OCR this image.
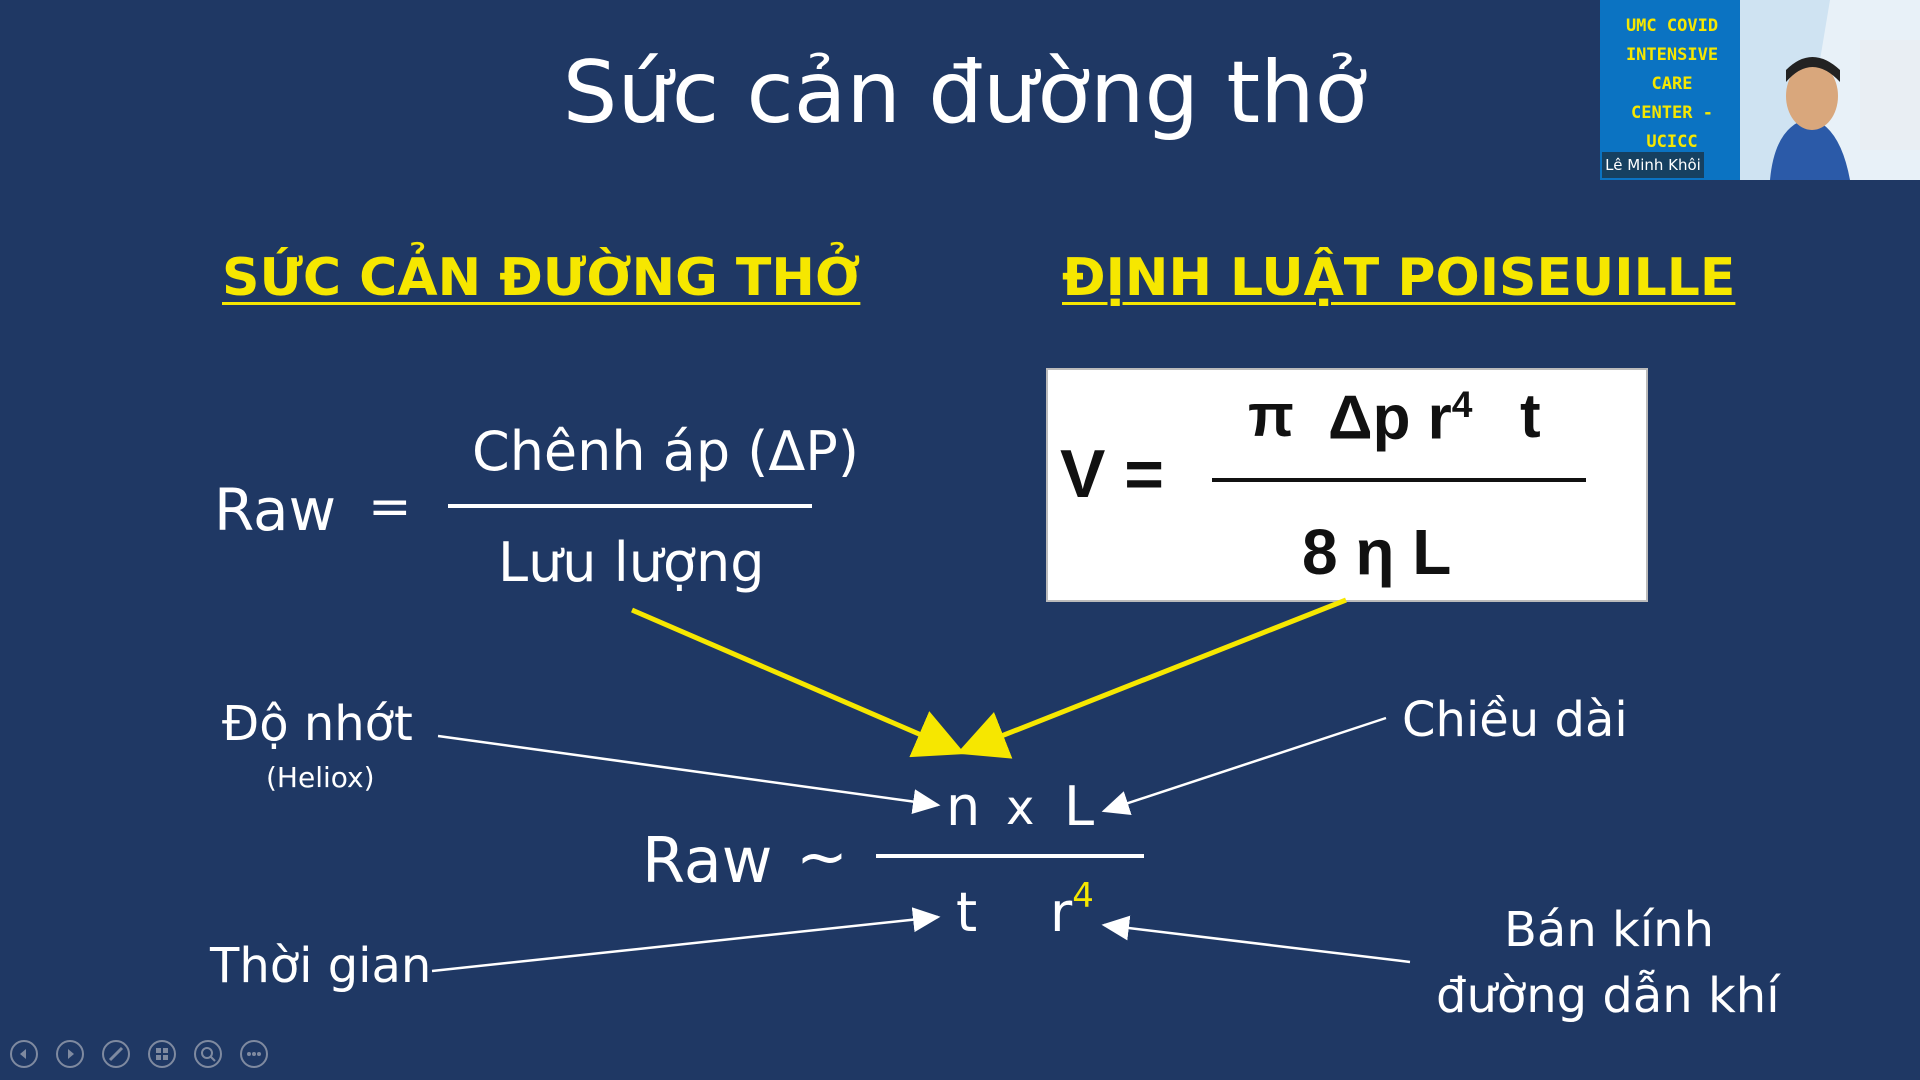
Sức cản đường thở
SỨC CẢN ĐƯỜNG THỞ	ĐỊNH LUẬT POISEUILLE
Raw =
Chênh áp (ΔP)
Lưu lượng
V =
π Δp $r^4$ t
8 η L
Raw ~
n x L
t $r^4$
Độ nhớt
(Heliox)
Chiều dài
Thời gian
Bán kính
đường dẫn khí
UMC COVID
INTENSIVE
CARE
CENTER - UCICC
Lê Minh Khôi
